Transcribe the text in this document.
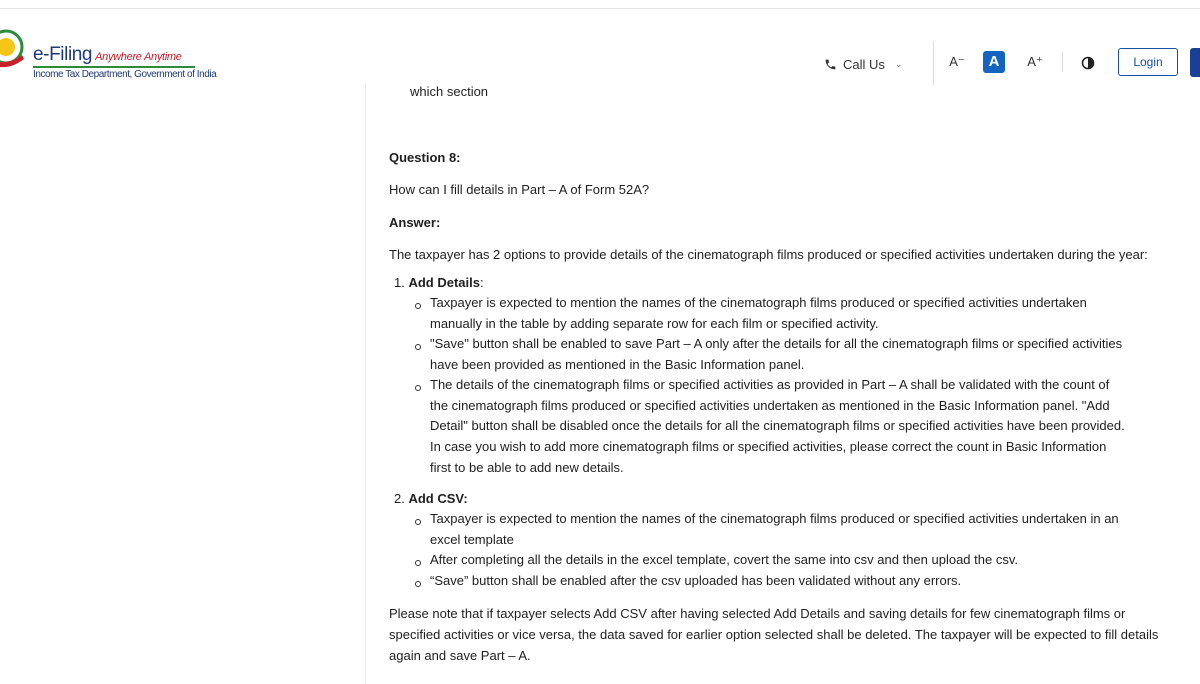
e-Filing Anywhere Anytime
Income Tax Department, Government of India
Call Us ⌄	A⁻	A	A⁺	Login
which section
Question 8:
How can I fill details in Part – A of Form 52A?
Answer:
The taxpayer has 2 options to provide details of the cinematograph films produced or specified activities undertaken during the year:
1. Add Details:
Taxpayer is expected to mention the names of the cinematograph films produced or specified activities undertaken
manually in the table by adding separate row for each film or specified activity.
"Save" button shall be enabled to save Part – A only after the details for all the cinematograph films or specified activities
have been provided as mentioned in the Basic Information panel.
The details of the cinematograph films or specified activities as provided in Part – A shall be validated with the count of
the cinematograph films produced or specified activities undertaken as mentioned in the Basic Information panel. "Add
Detail" button shall be disabled once the details for all the cinematograph films or specified activities have been provided.
In case you wish to add more cinematograph films or specified activities, please correct the count in Basic Information
first to be able to add new details.
2. Add CSV:
Taxpayer is expected to mention the names of the cinematograph films produced or specified activities undertaken in an
excel template
After completing all the details in the excel template, covert the same into csv and then upload the csv.
“Save” button shall be enabled after the csv uploaded has been validated without any errors.
Please note that if taxpayer selects Add CSV after having selected Add Details and saving details for few cinematograph films or
specified activities or vice versa, the data saved for earlier option selected shall be deleted. The taxpayer will be expected to fill details
again and save Part – A.
